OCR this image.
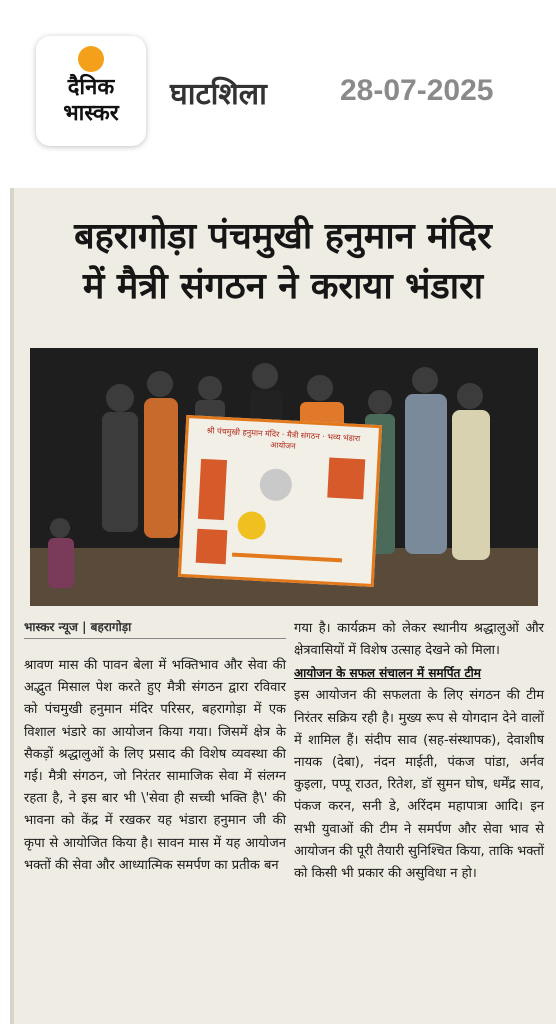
दैनिक
भास्कर
घाटशिला 28-07-2025
बहरागोड़ा पंचमुखी हनुमान मंदिर
में मैत्री संगठन ने कराया भंडारा
श्री पंचमुखी हनुमान मंदिर · मैत्री संगठन · भव्य भंडारा आयोजन
भास्कर न्यूज | बहरागोड़ा

श्रावण मास की पावन बेला में भक्तिभाव और सेवा की अद्भुत मिसाल पेश करते हुए मैत्री संगठन द्वारा रविवार को पंचमुखी हनुमान मंदिर परिसर, बहरागोड़ा में एक विशाल भंडारे का आयोजन किया गया। जिसमें क्षेत्र के सैकड़ों श्रद्धालुओं के लिए प्रसाद की विशेष व्यवस्था की गई। मैत्री संगठन, जो निरंतर सामाजिक सेवा में संलग्न रहता है, ने इस बार भी \'सेवा ही सच्ची भक्ति है\' की भावना को केंद्र में रखकर यह भंडारा हनुमान जी की कृपा से आयोजित किया है। सावन मास में यह आयोजन भक्तों की सेवा और आध्यात्मिक समर्पण का प्रतीक बन

गया है। कार्यक्रम को लेकर स्थानीय श्रद्धालुओं और क्षेत्रवासियों में विशेष उत्साह देखने को मिला।

आयोजन के सफल संचालन में समर्पित टीम

इस आयोजन की सफलता के लिए संगठन की टीम निरंतर सक्रिय रही है। मुख्य रूप से योगदान देने वालों में शामिल हैं। संदीप साव (सह-संस्थापक), देवाशीष नायक (देबा), नंदन माईती, पंकज पांडा, अर्नव कुइला, पप्पू राउत, रितेश, डॉ सुमन घोष, धर्मेंद्र साव, पंकज करन, सनी डे, अरिंदम महापात्रा आदि। इन सभी युवाओं की टीम ने समर्पण और सेवा भाव से आयोजन की पूरी तैयारी सुनिश्चित किया, ताकि भक्तों को किसी भी प्रकार की असुविधा न हो।
